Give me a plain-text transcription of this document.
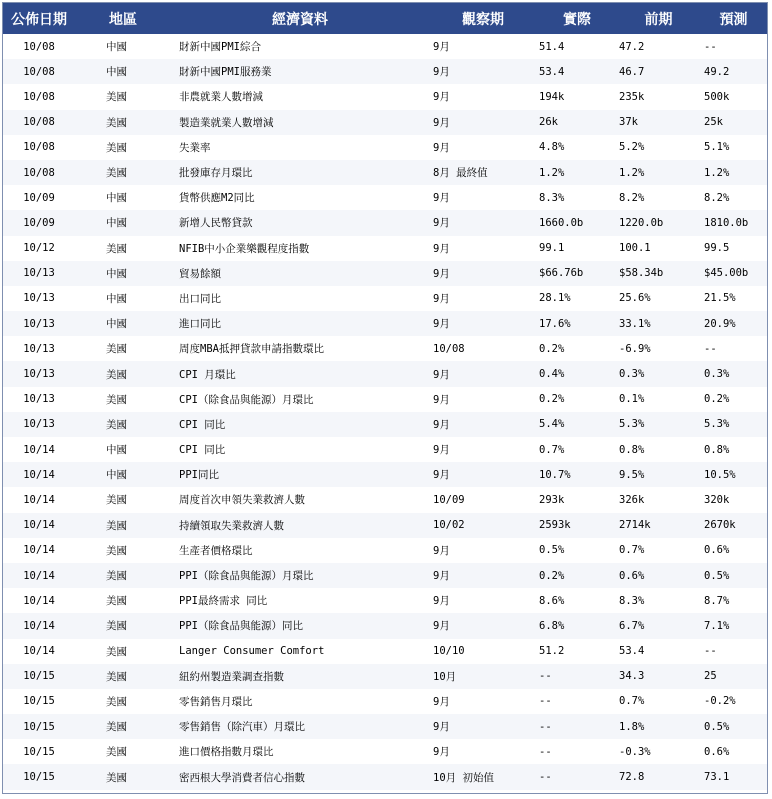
公佈日期	地區	經濟資料	觀察期	實際	前期	預測
10/08	中國	財新中國PMI綜合	9月	51.4	47.2	--
10/08	中國	財新中國PMI服務業	9月	53.4	46.7	49.2
10/08	美國	非農就業人數增減	9月	194k	235k	500k
10/08	美國	製造業就業人數增減	9月	26k	37k	25k
10/08	美國	失業率	9月	4.8%	5.2%	5.1%
10/08	美國	批發庫存月環比	8月 最終值	1.2%	1.2%	1.2%
10/09	中國	貨幣供應M2同比	9月	8.3%	8.2%	8.2%
10/09	中國	新增人民幣貸款	9月	1660.0b	1220.0b	1810.0b
10/12	美國	NFIB中小企業樂觀程度指數	9月	99.1	100.1	99.5
10/13	中國	貿易餘額	9月	$66.76b	$58.34b	$45.00b
10/13	中國	出口同比	9月	28.1%	25.6%	21.5%
10/13	中國	進口同比	9月	17.6%	33.1%	20.9%
10/13	美國	周度MBA抵押貸款申請指數環比	10/08	0.2%	-6.9%	--
10/13	美國	CPI 月環比	9月	0.4%	0.3%	0.3%
10/13	美國	CPI（除食品與能源）月環比	9月	0.2%	0.1%	0.2%
10/13	美國	CPI 同比	9月	5.4%	5.3%	5.3%
10/14	中國	CPI 同比	9月	0.7%	0.8%	0.8%
10/14	中國	PPI同比	9月	10.7%	9.5%	10.5%
10/14	美國	周度首次申領失業救濟人數	10/09	293k	326k	320k
10/14	美國	持續領取失業救濟人數	10/02	2593k	2714k	2670k
10/14	美國	生產者價格環比	9月	0.5%	0.7%	0.6%
10/14	美國	PPI（除食品與能源）月環比	9月	0.2%	0.6%	0.5%
10/14	美國	PPI最終需求 同比	9月	8.6%	8.3%	8.7%
10/14	美國	PPI（除食品與能源）同比	9月	6.8%	6.7%	7.1%
10/14	美國	Langer Consumer Comfort	10/10	51.2	53.4	--
10/15	美國	紐約州製造業調查指數	10月	--	34.3	25
10/15	美國	零售銷售月環比	9月	--	0.7%	-0.2%
10/15	美國	零售銷售（除汽車）月環比	9月	--	1.8%	0.5%
10/15	美國	進口價格指數月環比	9月	--	-0.3%	0.6%
10/15	美國	密西根大學消費者信心指數	10月 初始值	--	72.8	73.1
